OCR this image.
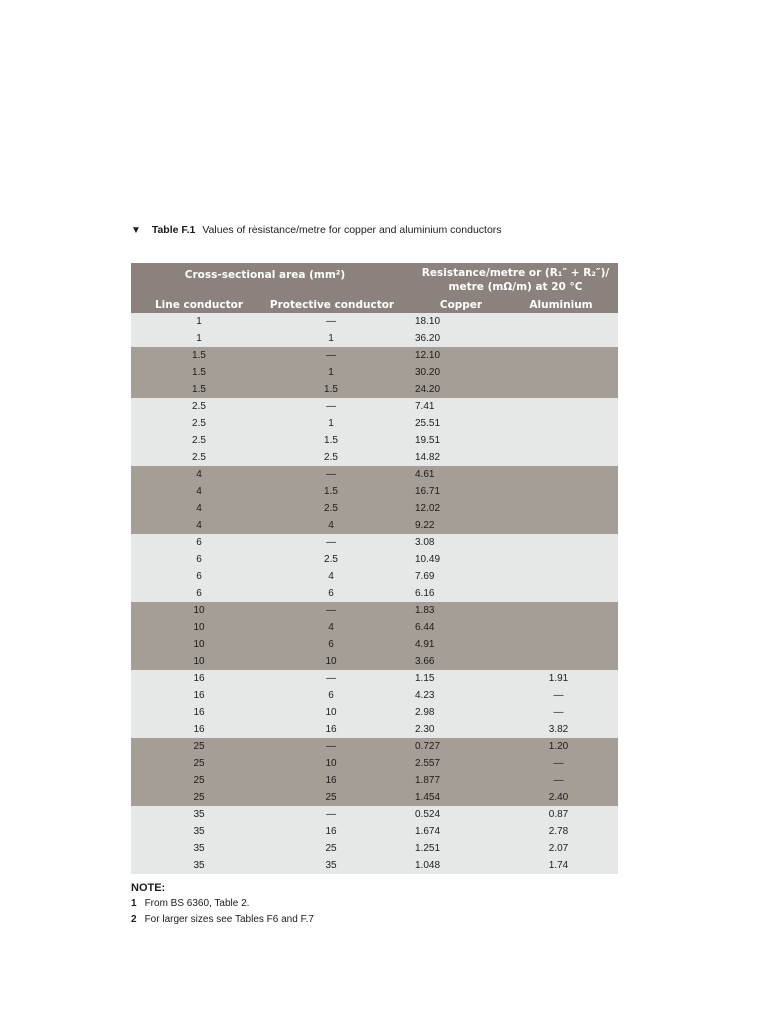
▼ Table F.1 Values of rėsistance/metre for copper and aluminium conductors
Cross-sectional area (mm²)	Resistance/metre or (R₁″ + R₂″)/
metre (mΩ/m) at 20 °C
Line conductor	Protective conductor	Copper	Aluminium
1	—	18.10
1	1	36.20
1.5	—	12.10
1.5	1	30.20
1.5	1.5	24.20
2.5	—	7.41
2.5	1	25.51
2.5	1.5	19.51
2.5	2.5	14.82
4	—	4.61
4	1.5	16.71
4	2.5	12.02
4	4	9.22
6	—	3.08
6	2.5	10.49
6	4	7.69
6	6	6.16
10	—	1.83
10	4	6.44
10	6	4.91
10	10	3.66
16	—	1.15	1.91
16	6	4.23	—
16	10	2.98	—
16	16	2.30	3.82
25	—	0.727	1.20
25	10	2.557	—
25	16	1.877	—
25	25	1.454	2.40
35	—	0.524	0.87
35	16	1.674	2.78
35	25	1.251	2.07
35	35	1.048	1.74
NOTE:
1 From BS 6360, Table 2.
2 For larger sizes see Tables F6 and F.7
